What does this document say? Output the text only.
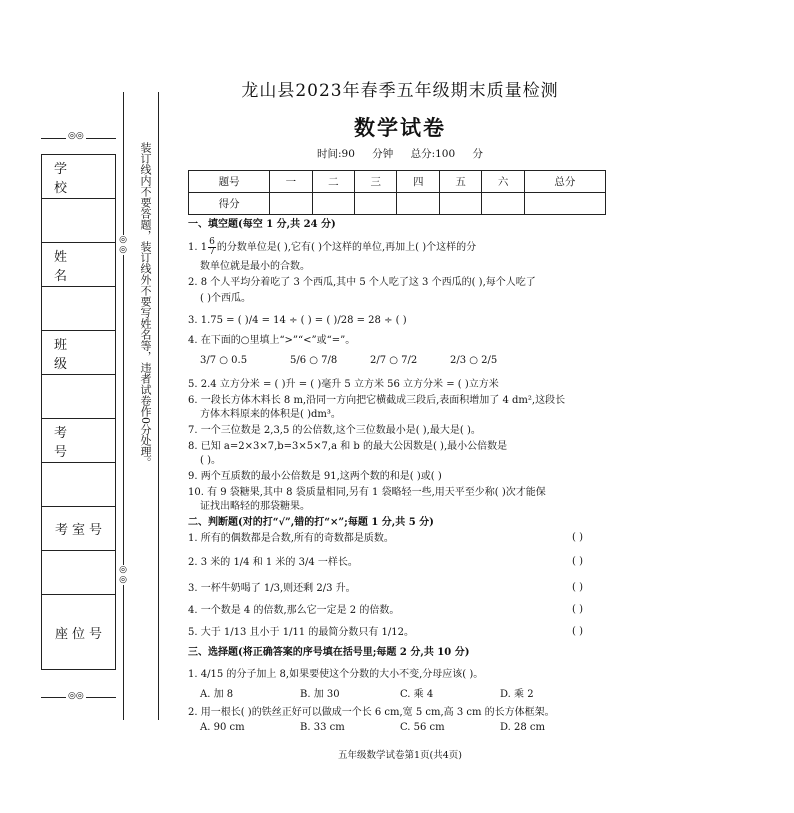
◎◎
学 校
姓 名
班 级
考 号
考室号
座位号
◎◎
◎◎
◎◎
装订线内不要答题，装订线外不要写姓名等，违者试卷作0分处理。
龙山县2023年春季五年级期末质量检测
数学试卷
时间:90 分钟 总分:100 分
题号	一	二	三	四	五	六	总分
得分							
一、填空题(每空 1 分,共 24 分)
1. $1 \frac{6}{7}$ 的分数单位是( ),它有( )个这样的单位,再加上( )个这样的分
数单位就是最小的合数。
2. 8 个人平均分着吃了 3 个西瓜,其中 5 个人吃了这 3 个西瓜的( ),每个人吃了
( )个西瓜。
3. 1.75 = ( )/4 = 14 ÷ ( ) = ( )/28 = 28 ÷ ( )
4. 在下面的○里填上“>”“<”或“=”。
3/7 ○ 0.5	5/6 ○ 7/8	2/7 ○ 7/2	2/3 ○ 2/5
5. 2.4 立方分米 = ( )升 = ( )毫升 5 立方米 56 立方分米 = ( )立方米
6. 一段长方体木料长 8 m,沿同一方向把它横截成三段后,表面积增加了 4 dm²,这段长
方体木料原来的体积是( )dm³。
7. 一个三位数是 2,3,5 的公倍数,这个三位数最小是( ),最大是( )。
8. 已知 a=2×3×7,b=3×5×7,a 和 b 的最大公因数是( ),最小公倍数是
( )。
9. 两个互质数的最小公倍数是 91,这两个数的和是( )或( )
10. 有 9 袋糖果,其中 8 袋质量相同,另有 1 袋略轻一些,用天平至少称( )次才能保
证找出略轻的那袋糖果。
二、判断题(对的打“√”,错的打“×”;每题 1 分,共 5 分)
1. 所有的偶数都是合数,所有的奇数都是质数。	( )
2. 3 米的 1/4 和 1 米的 3/4 一样长。	( )
3. 一杯牛奶喝了 1/3,则还剩 2/3 升。	( )
4. 一个数是 4 的倍数,那么它一定是 2 的倍数。	( )
5. 大于 1/13 且小于 1/11 的最简分数只有 1/12。	( )
三、选择题(将正确答案的序号填在括号里;每题 2 分,共 10 分)
1. 4/15 的分子加上 8,如果要使这个分数的大小不变,分母应该( )。
A. 加 8	B. 加 30	C. 乘 4	D. 乘 2
2. 用一根长( )的铁丝正好可以做成一个长 6 cm,宽 5 cm,高 3 cm 的长方体框架。
A. 90 cm	B. 33 cm	C. 56 cm	D. 28 cm
五年级数学试卷第1页(共4页)
